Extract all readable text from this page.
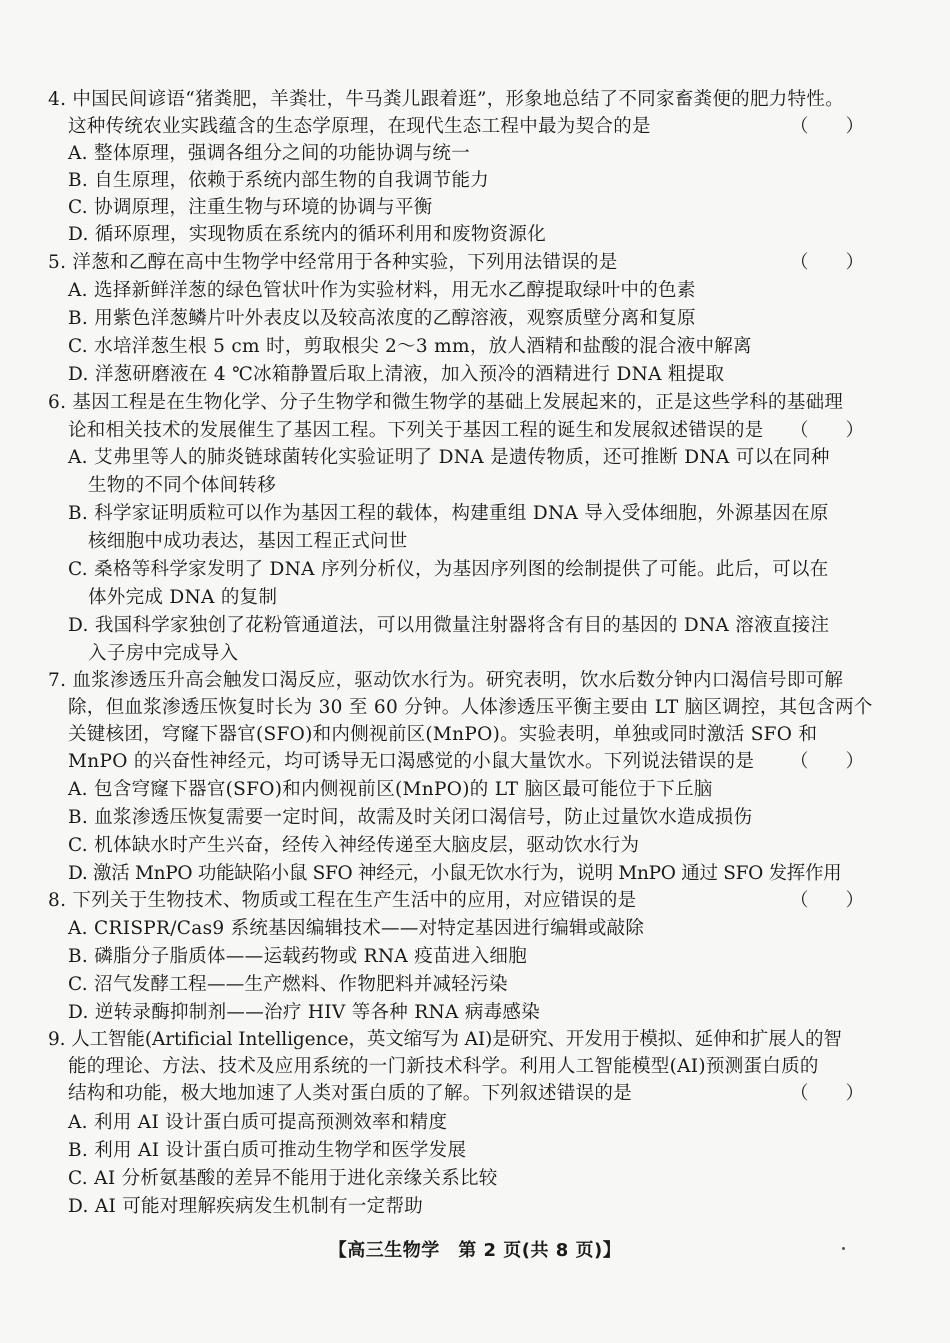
4. 中国民间谚语“猪粪肥，羊粪壮，牛马粪儿跟着逛”，形象地总结了不同家畜粪便的肥力特性。
这种传统农业实践蕴含的生态学原理，在现代生态工程中最为契合的是	（　　）
A. 整体原理，强调各组分之间的功能协调与统一
B. 自生原理，依赖于系统内部生物的自我调节能力
C. 协调原理，注重生物与环境的协调与平衡
D. 循环原理，实现物质在系统内的循环利用和废物资源化
5. 洋葱和乙醇在高中生物学中经常用于各种实验，下列用法错误的是	（　　）
A. 选择新鲜洋葱的绿色管状叶作为实验材料，用无水乙醇提取绿叶中的色素
B. 用紫色洋葱鳞片叶外表皮以及较高浓度的乙醇溶液，观察质壁分离和复原
C. 水培洋葱生根 5 cm 时，剪取根尖 2～3 mm，放人酒精和盐酸的混合液中解离
D. 洋葱研磨液在 4 ℃冰箱静置后取上清液，加入预冷的酒精进行 DNA 粗提取
6. 基因工程是在生物化学、分子生物学和微生物学的基础上发展起来的，正是这些学科的基础理
论和相关技术的发展催生了基因工程。下列关于基因工程的诞生和发展叙述错误的是 （　　）
A. 艾弗里等人的肺炎链球菌转化实验证明了 DNA 是遗传物质，还可推断 DNA 可以在同种
生物的不同个体间转移
B. 科学家证明质粒可以作为基因工程的载体，构建重组 DNA 导入受体细胞，外源基因在原
核细胞中成功表达，基因工程正式问世
C. 桑格等科学家发明了 DNA 序列分析仪，为基因序列图的绘制提供了可能。此后，可以在
体外完成 DNA 的复制
D. 我国科学家独创了花粉管通道法，可以用微量注射器将含有目的基因的 DNA 溶液直接注
入子房中完成导入
7. 血浆渗透压升高会触发口渴反应，驱动饮水行为。研究表明，饮水后数分钟内口渴信号即可解
除，但血浆渗透压恢复时长为 30 至 60 分钟。人体渗透压平衡主要由 LT 脑区调控，其包含两个
关键核团，穹窿下器官(SFO)和内侧视前区(MnPO)。实验表明，单独或同时激活 SFO 和
MnPO 的兴奋性神经元，均可诱导无口渴感觉的小鼠大量饮水。下列说法错误的是 （　　）
A. 包含穹窿下器官(SFO)和内侧视前区(MnPO)的 LT 脑区最可能位于下丘脑
B. 血浆渗透压恢复需要一定时间，故需及时关闭口渴信号，防止过量饮水造成损伤
C. 机体缺水时产生兴奋，经传入神经传递至大脑皮层，驱动饮水行为
D. 激活 MnPO 功能缺陷小鼠 SFO 神经元，小鼠无饮水行为，说明 MnPO 通过 SFO 发挥作用
8. 下列关于生物技术、物质或工程在生产生活中的应用，对应错误的是	（　　）
A. CRISPR/Cas9 系统基因编辑技术——对特定基因进行编辑或敲除
B. 磷脂分子脂质体——运载药物或 RNA 疫苗进入细胞
C. 沼气发酵工程——生产燃料、作物肥料并减轻污染
D. 逆转录酶抑制剂——治疗 HIV 等各种 RNA 病毒感染
9. 人工智能(Artificial Intelligence，英文缩写为 AI)是研究、开发用于模拟、延伸和扩展人的智
能的理论、方法、技术及应用系统的一门新技术科学。利用人工智能模型(AI)预测蛋白质的
结构和功能，极大地加速了人类对蛋白质的了解。下列叙述错误的是	（　　）
A. 利用 AI 设计蛋白质可提高预测效率和精度
B. 利用 AI 设计蛋白质可推动生物学和医学发展
C. AI 分析氨基酸的差异不能用于进化亲缘关系比较
D. AI 可能对理解疾病发生机制有一定帮助
【高三生物学　第 2 页(共 8 页)】
